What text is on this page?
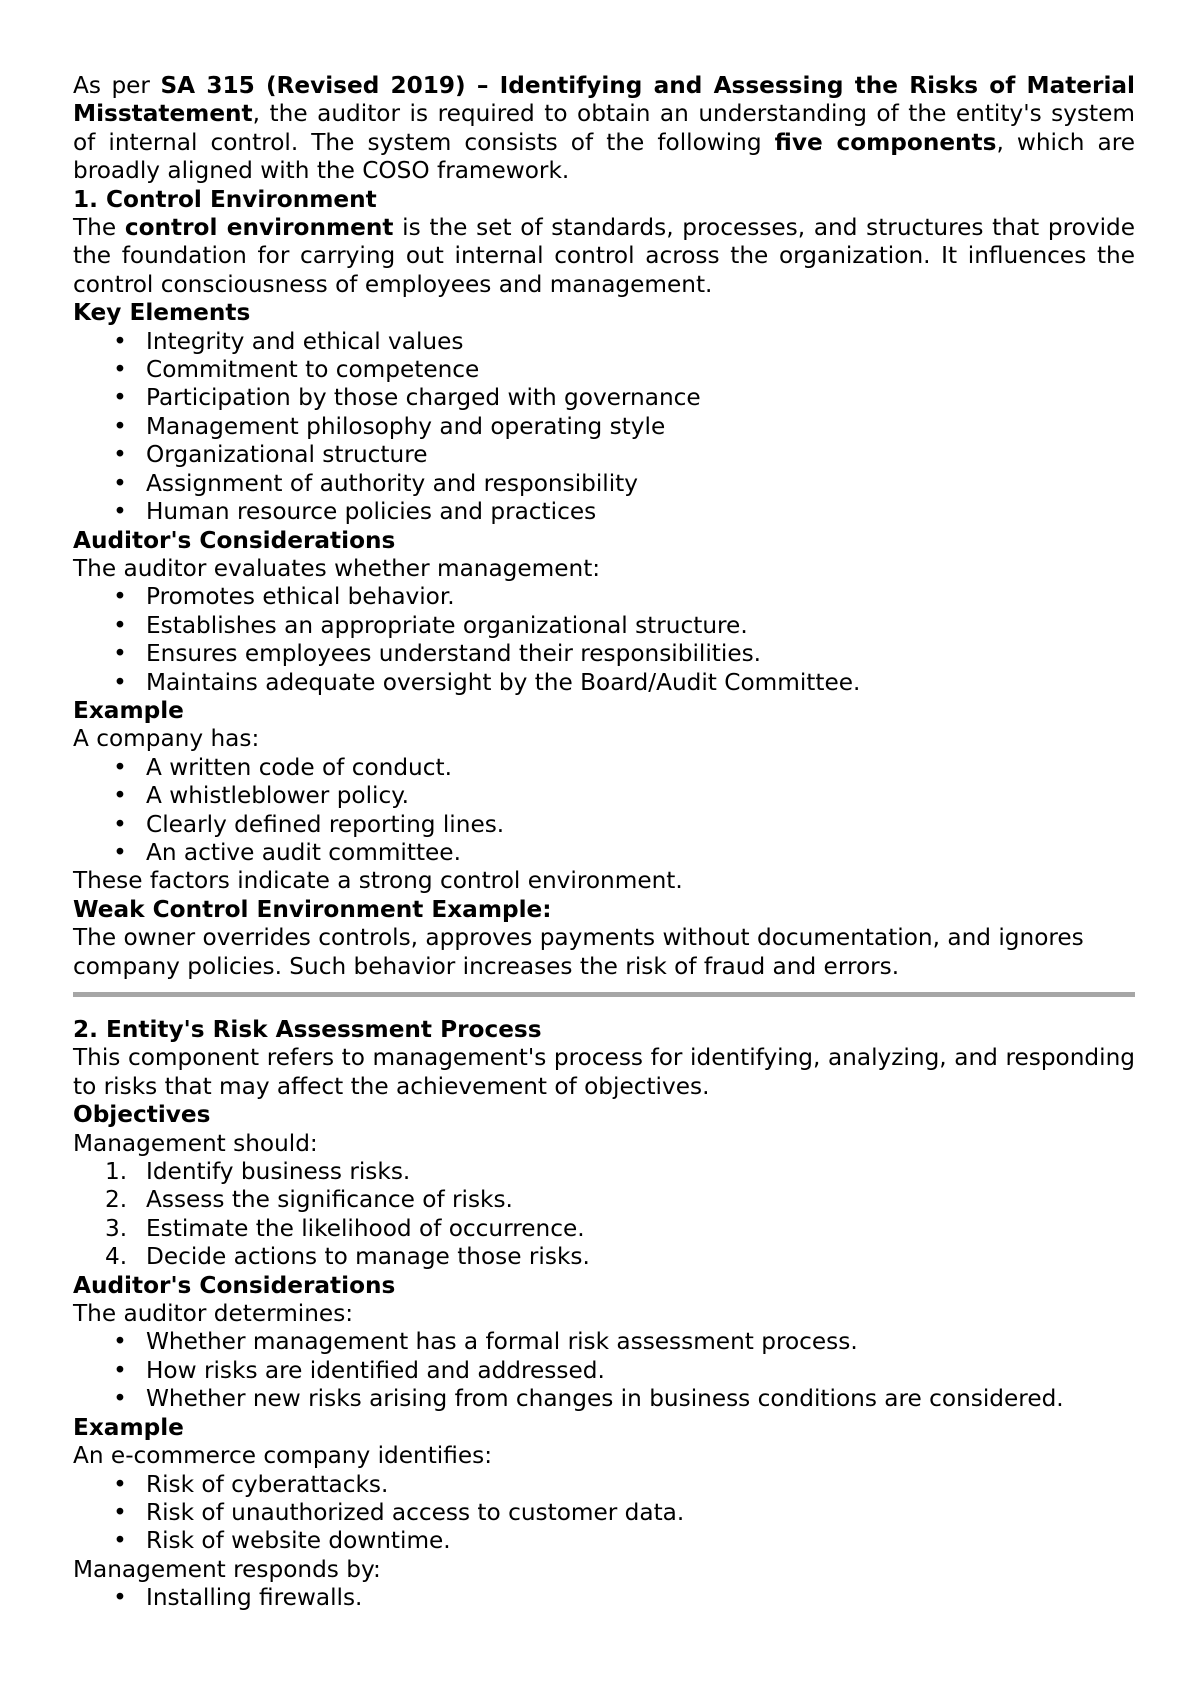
As per SA 315 (Revised 2019) – Identifying and Assessing the Risks of Material Misstatement, the auditor is required to obtain an understanding of the entity's system of internal control. The system consists of the following five components, which are broadly aligned with the COSO framework.

1. Control Environment

The control environment is the set of standards, processes, and structures that provide the foundation for carrying out internal control across the organization. It influences the control consciousness of employees and management.

Key Elements

• Integrity and ethical values
• Commitment to competence
• Participation by those charged with governance
• Management philosophy and operating style
• Organizational structure
• Assignment of authority and responsibility
• Human resource policies and practices

Auditor's Considerations

The auditor evaluates whether management:

• Promotes ethical behavior.
• Establishes an appropriate organizational structure.
• Ensures employees understand their responsibilities.
• Maintains adequate oversight by the Board/Audit Committee.

Example

A company has:

• A written code of conduct.
• A whistleblower policy.
• Clearly defined reporting lines.
• An active audit committee.

These factors indicate a strong control environment.

Weak Control Environment Example:

The owner overrides controls, approves payments without documentation, and ignores company policies. Such behavior increases the risk of fraud and errors.

2. Entity's Risk Assessment Process

This component refers to management's process for identifying, analyzing, and responding to risks that may affect the achievement of objectives.

Objectives

Management should:

1. Identify business risks.
2. Assess the significance of risks.
3. Estimate the likelihood of occurrence.
4. Decide actions to manage those risks.

Auditor's Considerations

The auditor determines:

• Whether management has a formal risk assessment process.
• How risks are identified and addressed.
• Whether new risks arising from changes in business conditions are considered.

Example

An e-commerce company identifies:

• Risk of cyberattacks.
• Risk of unauthorized access to customer data.
• Risk of website downtime.

Management responds by:

• Installing firewalls.
